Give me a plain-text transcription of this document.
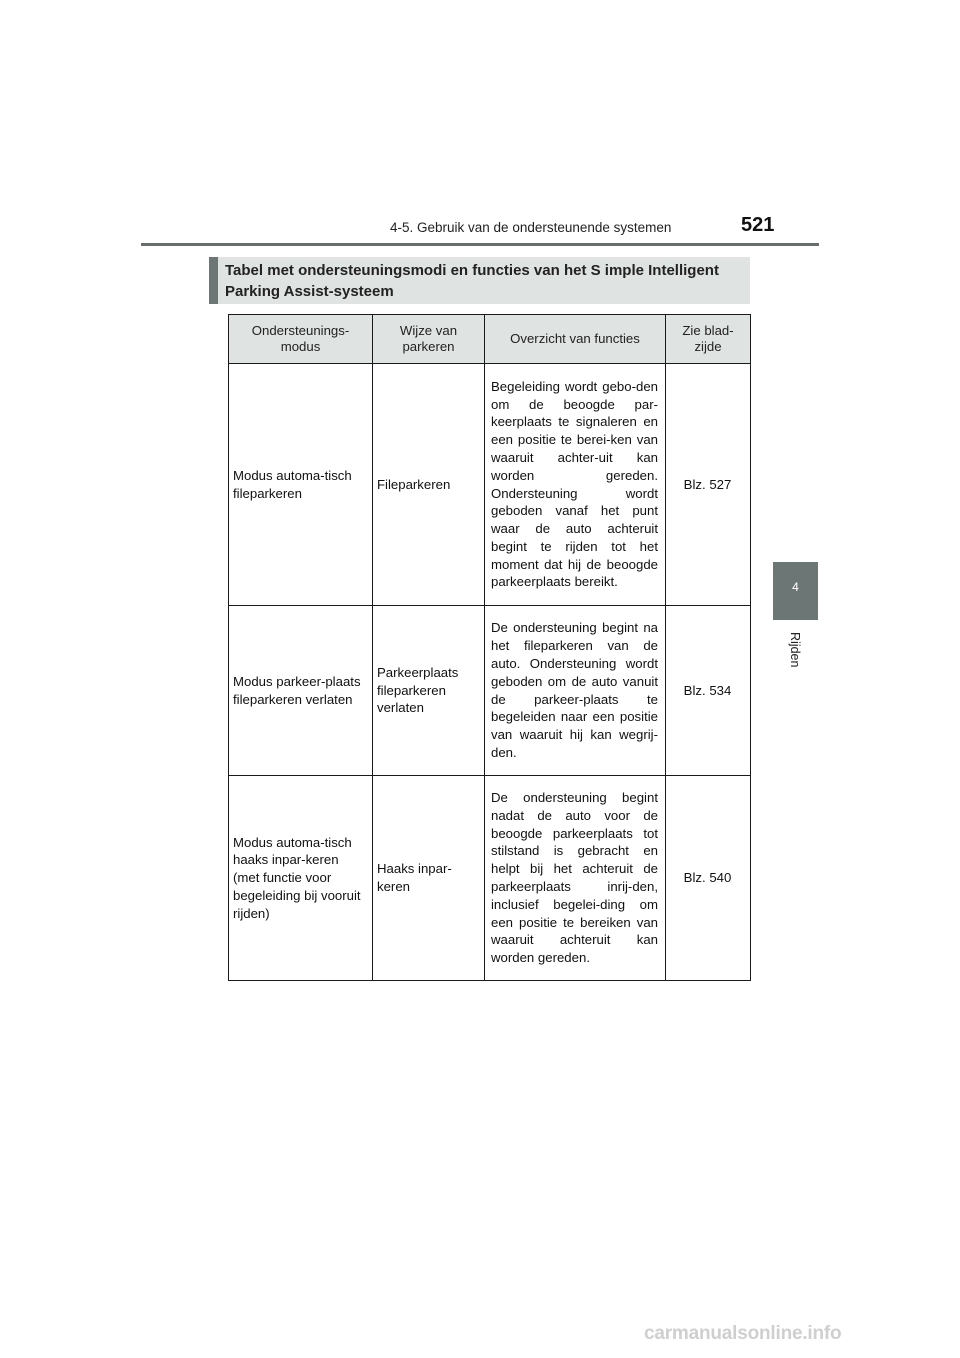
4-5. Gebruik van de ondersteunende systemen	521
4
Rijden
Tabel met ondersteuningsmodi en functies van het S imple Intelligent Parking Assist-systeem
Ondersteunings-modus	Wijze van parkeren	Overzicht van functies	Zie blad-zijde
Modus automa-tisch fileparkeren	Fileparkeren	Begeleiding wordt gebo-den om de beoogde par-keerplaats te signaleren en een positie te berei-ken van waaruit achter-uit kan worden gereden. Ondersteuning wordt geboden vanaf het punt waar de auto achteruit begint te rijden tot het moment dat hij de beoogde parkeerplaats bereikt.	Blz. 527
Modus parkeer-plaats fileparkeren verlaten	Parkeerplaats fileparkeren verlaten	De ondersteuning begint na het fileparkeren van de auto. Ondersteuning wordt geboden om de auto vanuit de parkeer-plaats te begeleiden naar een positie van waaruit hij kan wegrij-den.	Blz. 534
Modus automa-tisch haaks inpar-keren (met functie voor begeleiding bij vooruit rijden)	Haaks inpar-keren	De ondersteuning begint nadat de auto voor de beoogde parkeerplaats tot stilstand is gebracht en helpt bij het achteruit de parkeerplaats inrij-den, inclusief begelei-ding om een positie te bereiken van waaruit achteruit kan worden gereden.	Blz. 540
carmanualsonline.info
